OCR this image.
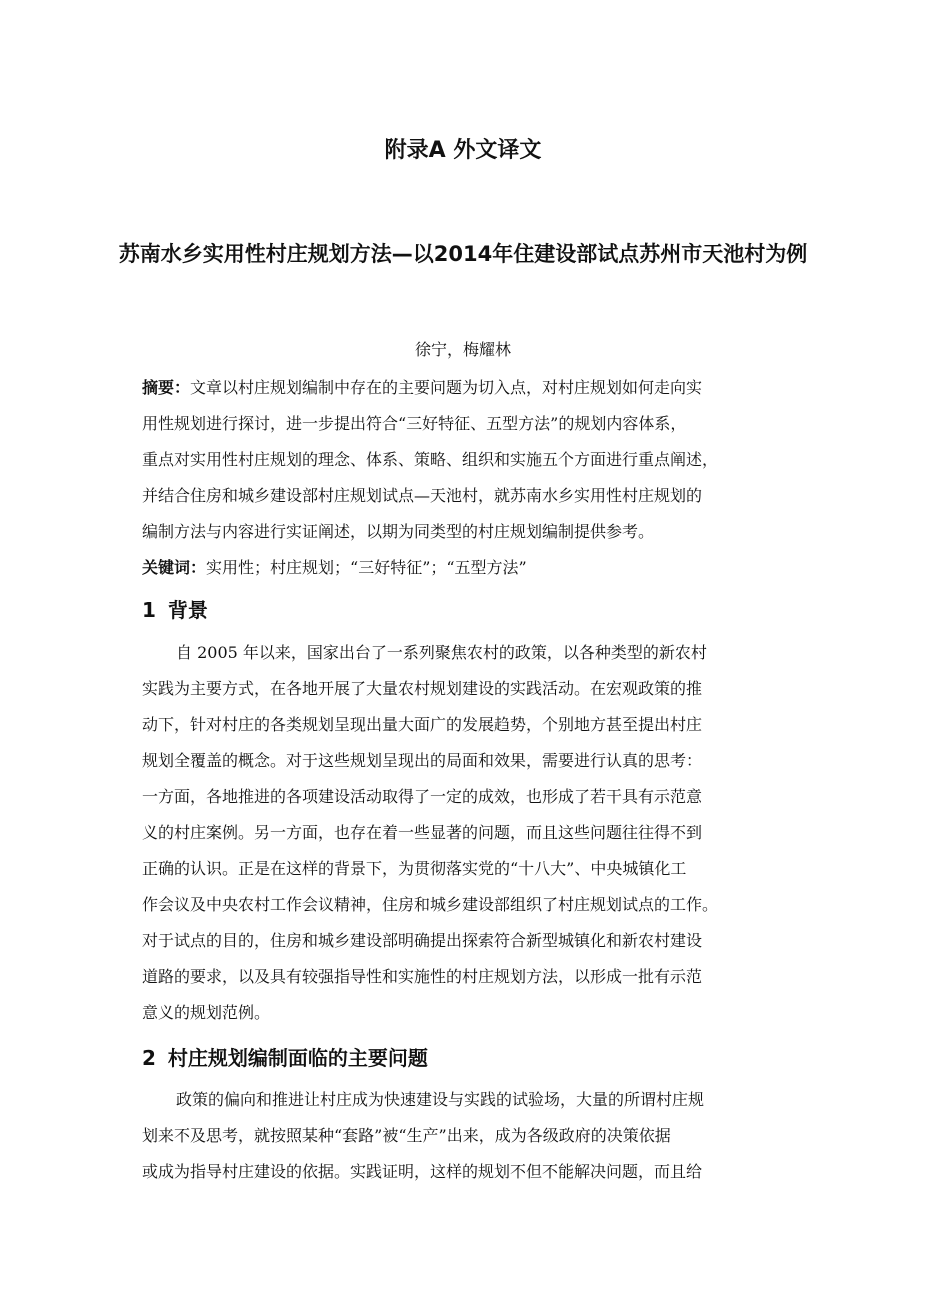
附录A 外文译文
苏南水乡实用性村庄规划方法—以2014年住建设部试点苏州市天池村为例
徐宁，梅耀林
摘要：文章以村庄规划编制中存在的主要问题为切入点，对村庄规划如何走向实
用性规划进行探讨，进一步提出符合“三好特征、五型方法”的规划内容体系，
重点对实用性村庄规划的理念、体系、策略、组织和实施五个方面进行重点阐述，
并结合住房和城乡建设部村庄规划试点—天池村，就苏南水乡实用性村庄规划的
编制方法与内容进行实证阐述，以期为同类型的村庄规划编制提供参考。
关键词：实用性；村庄规划；“三好特征”；“五型方法”
1 背景
自 2005 年以来，国家出台了一系列聚焦农村的政策，以各种类型的新农村
实践为主要方式，在各地开展了大量农村规划建设的实践活动。在宏观政策的推
动下，针对村庄的各类规划呈现出量大面广的发展趋势，个别地方甚至提出村庄
规划全覆盖的概念。对于这些规划呈现出的局面和效果，需要进行认真的思考：
一方面，各地推进的各项建设活动取得了一定的成效，也形成了若干具有示范意
义的村庄案例。另一方面，也存在着一些显著的问题，而且这些问题往往得不到
正确的认识。正是在这样的背景下，为贯彻落实党的“十八大”、中央城镇化工
作会议及中央农村工作会议精神，住房和城乡建设部组织了村庄规划试点的工作。
对于试点的目的，住房和城乡建设部明确提出探索符合新型城镇化和新农村建设
道路的要求，以及具有较强指导性和实施性的村庄规划方法，以形成一批有示范
意义的规划范例。
2 村庄规划编制面临的主要问题
政策的偏向和推进让村庄成为快速建设与实践的试验场，大量的所谓村庄规
划来不及思考，就按照某种“套路”被“生产”出来，成为各级政府的决策依据
或成为指导村庄建设的依据。实践证明，这样的规划不但不能解决问题，而且给
